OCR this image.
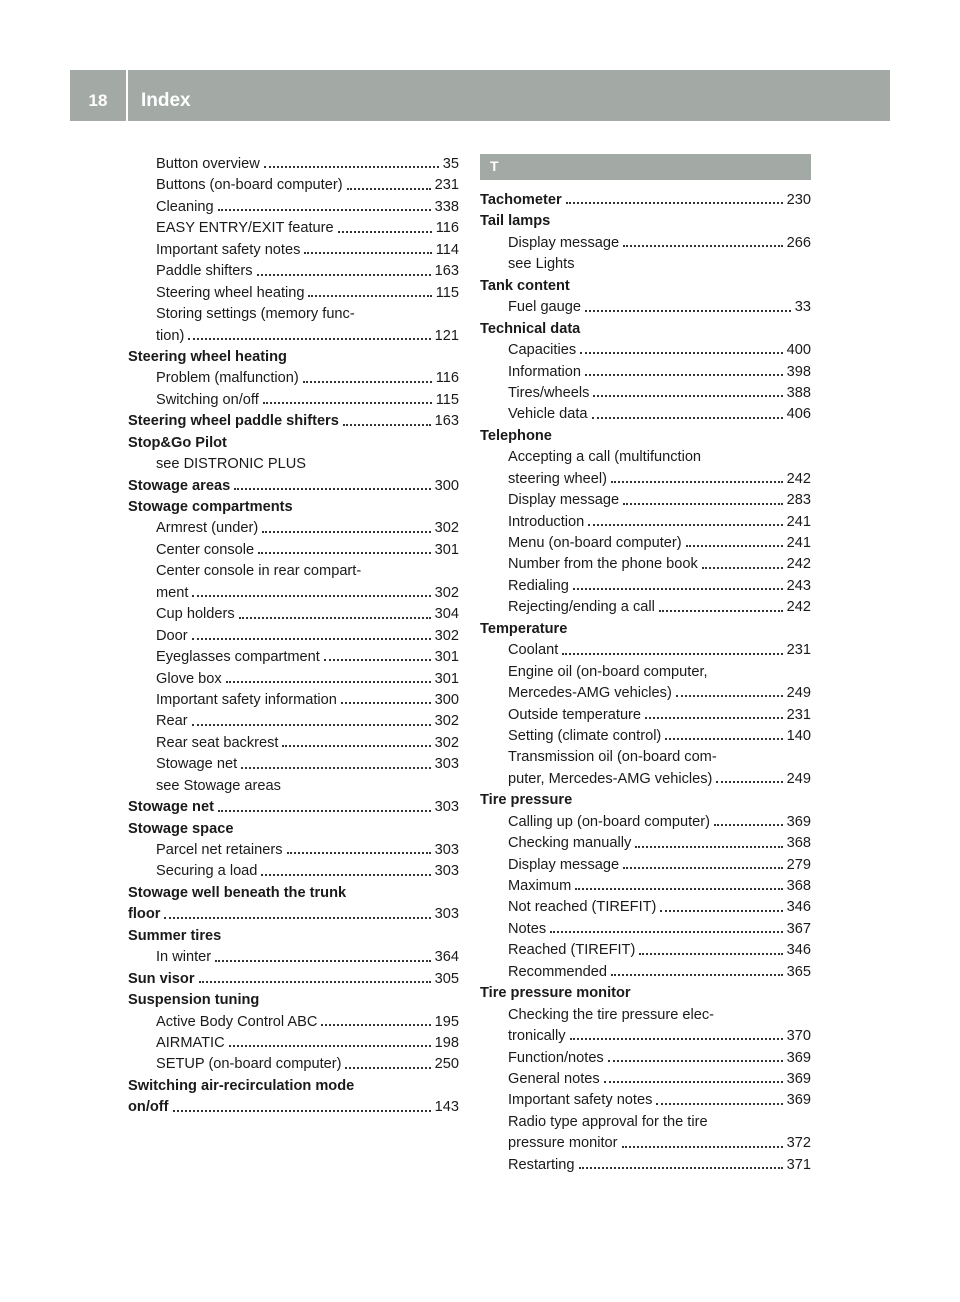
18	Index
Button overview	35
Buttons (on-board computer)	231
Cleaning	338
EASY ENTRY/EXIT feature	116
Important safety notes	114
Paddle shifters	163
Steering wheel heating	115
Storing settings (memory func-
tion)	121
Steering wheel heating
Problem (malfunction)	116
Switching on/off	115
Steering wheel paddle shifters	163
Stop&Go Pilot
see DISTRONIC PLUS
Stowage areas	300
Stowage compartments
Armrest (under)	302
Center console	301
Center console in rear compart-
ment	302
Cup holders	304
Door	302
Eyeglasses compartment	301
Glove box	301
Important safety information	300
Rear	302
Rear seat backrest	302
Stowage net	303
see Stowage areas
Stowage net	303
Stowage space
Parcel net retainers	303
Securing a load	303
Stowage well beneath the trunk
floor	303
Summer tires
In winter	364
Sun visor	305
Suspension tuning
Active Body Control ABC	195
AIRMATIC	198
SETUP (on-board computer)	250
Switching air-recirculation mode
on/off	143
T
Tachometer	230
Tail lamps
Display message	266
see Lights
Tank content
Fuel gauge	33
Technical data
Capacities	400
Information	398
Tires/wheels	388
Vehicle data	406
Telephone
Accepting a call (multifunction
steering wheel)	242
Display message	283
Introduction	241
Menu (on-board computer)	241
Number from the phone book	242
Redialing	243
Rejecting/ending a call	242
Temperature
Coolant	231
Engine oil (on-board computer,
Mercedes-AMG vehicles)	249
Outside temperature	231
Setting (climate control)	140
Transmission oil (on-board com-
puter, Mercedes-AMG vehicles)	249
Tire pressure
Calling up (on-board computer)	369
Checking manually	368
Display message	279
Maximum	368
Not reached (TIREFIT)	346
Notes	367
Reached (TIREFIT)	346
Recommended	365
Tire pressure monitor
Checking the tire pressure elec-
tronically	370
Function/notes	369
General notes	369
Important safety notes	369
Radio type approval for the tire
pressure monitor	372
Restarting	371
